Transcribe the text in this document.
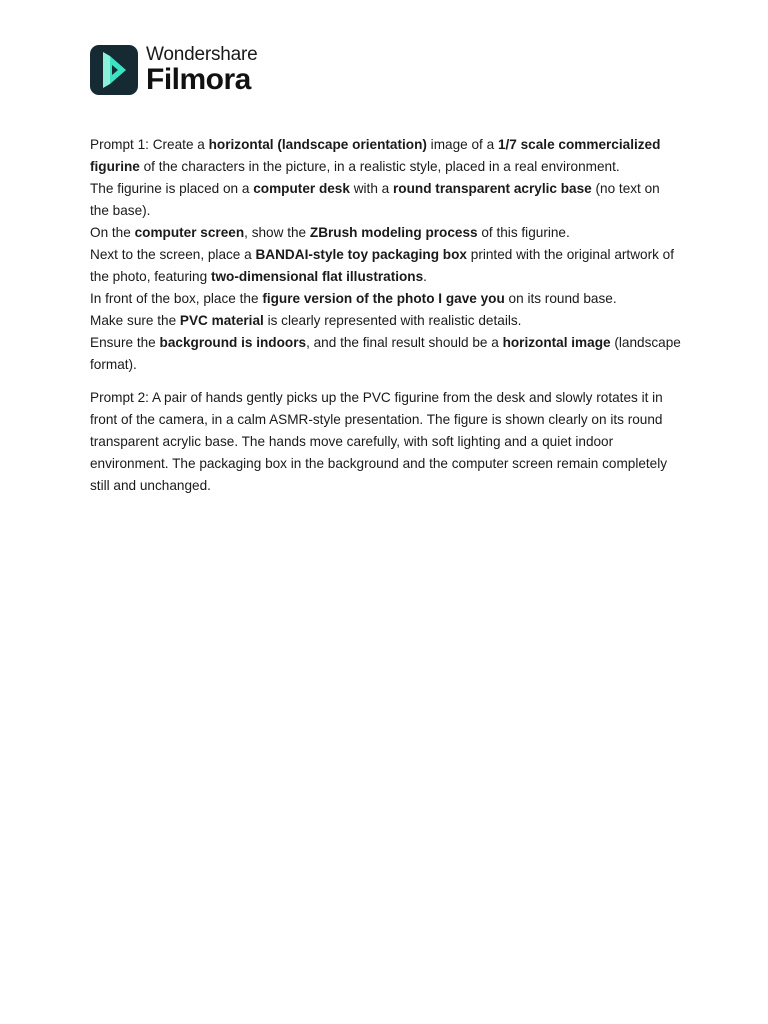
Wondershare
Filmora

Prompt 1: Create a horizontal (landscape orientation) image of a 1/7 scale commercialized figurine of the characters in the picture, in a realistic style, placed in a real environment.

The figurine is placed on a computer desk with a round transparent acrylic base (no text on the base).

On the computer screen, show the ZBrush modeling process of this figurine.

Next to the screen, place a BANDAI-style toy packaging box printed with the original artwork of the photo, featuring two-dimensional flat illustrations.

In front of the box, place the figure version of the photo I gave you on its round base.

Make sure the PVC material is clearly represented with realistic details.

Ensure the background is indoors, and the final result should be a horizontal image (landscape format).

Prompt 2: A pair of hands gently picks up the PVC figurine from the desk and slowly rotates it in front of the camera, in a calm ASMR-style presentation. The figure is shown clearly on its round transparent acrylic base. The hands move carefully, with soft lighting and a quiet indoor environment. The packaging box in the background and the computer screen remain completely still and unchanged.
